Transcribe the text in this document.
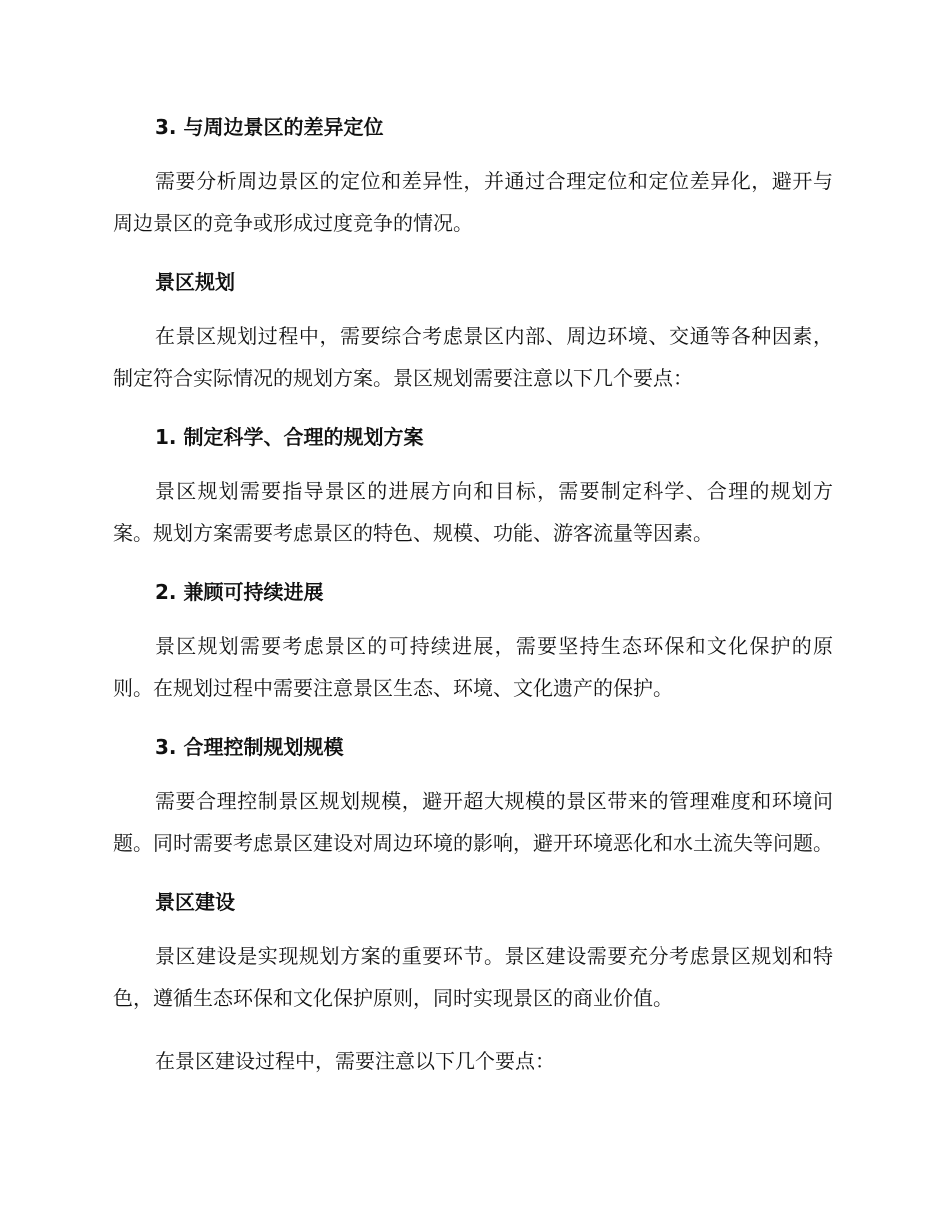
3. 与周边景区的差异定位

需要分析周边景区的定位和差异性，并通过合理定位和定位差异化，避开与周边景区的竞争或形成过度竞争的情况。

景区规划

在景区规划过程中，需要综合考虑景区内部、周边环境、交通等各种因素，制定符合实际情况的规划方案。景区规划需要注意以下几个要点：

1. 制定科学、合理的规划方案

景区规划需要指导景区的进展方向和目标，需要制定科学、合理的规划方案。规划方案需要考虑景区的特色、规模、功能、游客流量等因素。

2. 兼顾可持续进展

景区规划需要考虑景区的可持续进展，需要坚持生态环保和文化保护的原则。在规划过程中需要注意景区生态、环境、文化遗产的保护。

3. 合理控制规划规模

需要合理控制景区规划规模，避开超大规模的景区带来的管理难度和环境问题。同时需要考虑景区建设对周边环境的影响，避开环境恶化和水土流失等问题。

景区建设

景区建设是实现规划方案的重要环节。景区建设需要充分考虑景区规划和特色，遵循生态环保和文化保护原则，同时实现景区的商业价值。

在景区建设过程中，需要注意以下几个要点：
